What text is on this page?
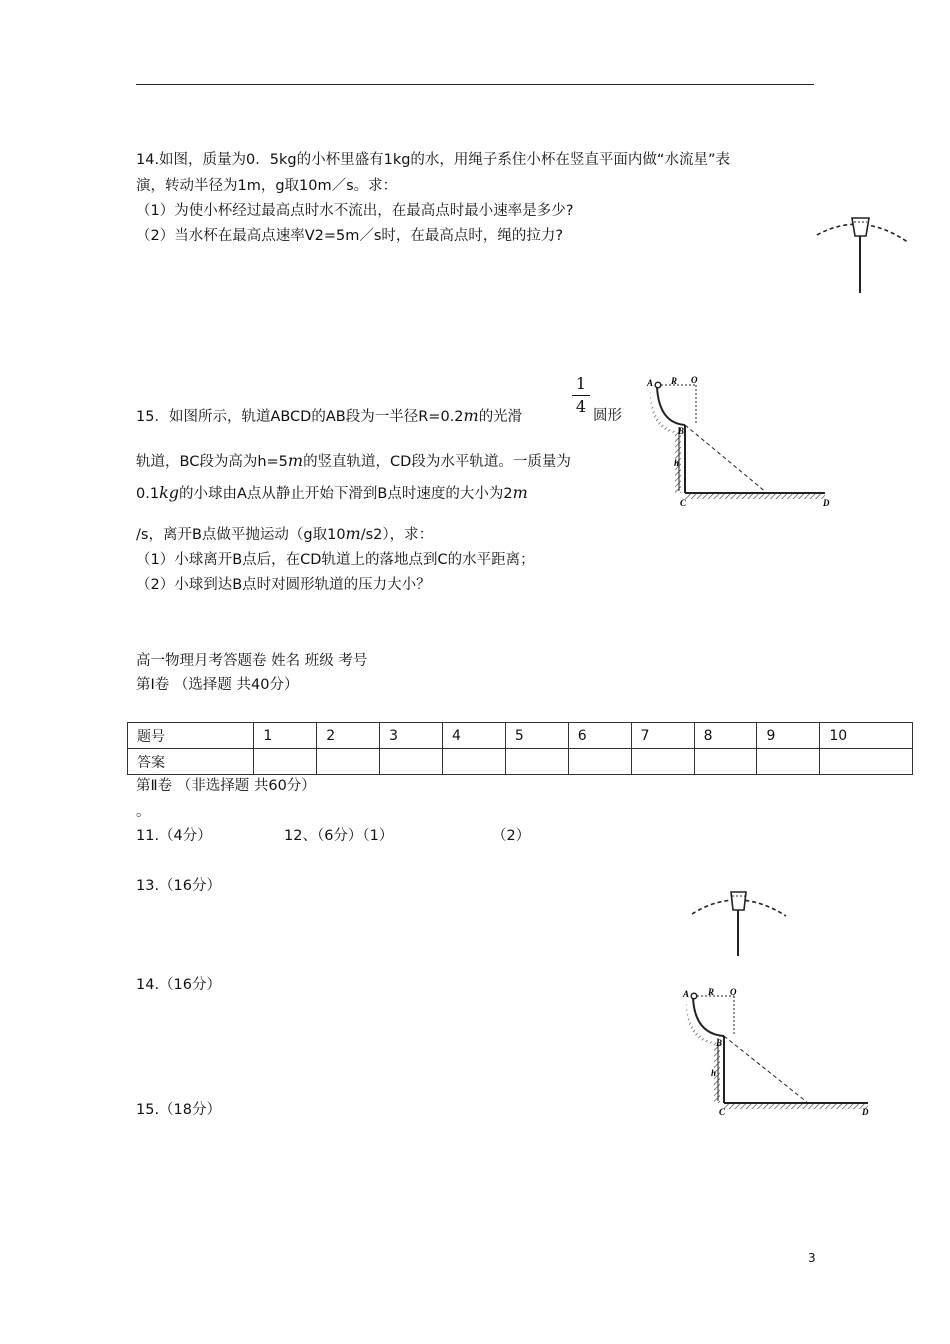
14.如图，质量为0．5kg的小杯里盛有1kg的水，用绳子系住小杯在竖直平面内做“水流星”表
演，转动半径为1m，g取10m／s。求：
（1）为使小杯经过最高点时水不流出，在最高点时最小速率是多少?
（2）当水杯在最高点速率V2=5m／s时，在最高点时，绳的拉力?
15．如图所示，轨道ABCD的AB段为一半径R=0.2m的光滑
1
4 圆形
轨道，BC段为高为h=5m的竖直轨道，CD段为水平轨道。一质量为
0.1kg的小球由A点从静止开始下滑到B点时速度的大小为2m
/s，离开B点做平抛运动（g取10m/s2），求：
（1）小球离开B点后，在CD轨道上的落地点到C的水平距离；
（2）小球到达B点时对圆形轨道的压力大小？
A R O
B
h
C	D
高一物理月考答题卷 姓名 班级 考号
第Ⅰ卷 （选择题 共40分）
题号	1	2	3	4	5	6	7	8	9	10
答案										
第Ⅱ卷 （非选择题 共60分）
。
11.（4分）	12、（6分）（1）	（2）
13.（16分）
14.（16分）
15.（18分）
A R O
B
h
C	D
3
